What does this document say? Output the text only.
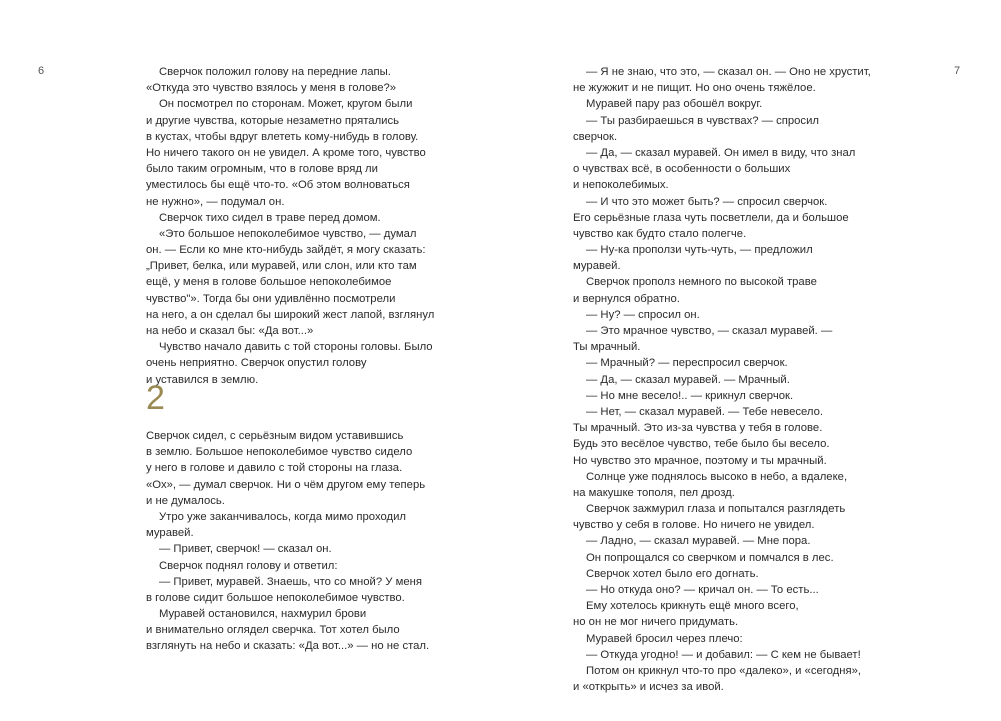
6	7
Сверчок положил голову на передние лапы.
«Откуда это чувство взялось у меня в голове?»
Он посмотрел по сторонам. Может, кругом были
и другие чувства, которые незаметно прятались
в кустах, чтобы вдруг влететь кому-нибудь в голову.
Но ничего такого он не увидел. А кроме того, чувство
было таким огромным, что в голове вряд ли
уместилось бы ещё что-то. «Об этом волноваться
не нужно», — подумал он.
Сверчок тихо сидел в траве перед домом.
«Это большое непоколебимое чувство, — думал
он. — Если ко мне кто-нибудь зайдёт, я могу сказать:
„Привет, белка, или муравей, или слон, или кто там
ещё, у меня в голове большое непоколебимое
чувство"». Тогда бы они удивлённо посмотрели
на него, а он сделал бы широкий жест лапой, взглянул
на небо и сказал бы: «Да вот...»
Чувство начало давить с той стороны головы. Было
очень неприятно. Сверчок опустил голову
и уставился в землю.
2
Сверчок сидел, с серьёзным видом уставившись
в землю. Большое непоколебимое чувство сидело
у него в голове и давило с той стороны на глаза.
«Ох», — думал сверчок. Ни о чём другом ему теперь
и не думалось.
Утро уже заканчивалось, когда мимо проходил
муравей.
— Привет, сверчок! — сказал он.
Сверчок поднял голову и ответил:
— Привет, муравей. Знаешь, что со мной? У меня
в голове сидит большое непоколебимое чувство.
Муравей остановился, нахмурил брови
и внимательно оглядел сверчка. Тот хотел было
взглянуть на небо и сказать: «Да вот...» — но не стал.
— Я не знаю, что это, — сказал он. — Оно не хрустит,
не жужжит и не пищит. Но оно очень тяжёлое.
Муравей пару раз обошёл вокруг.
— Ты разбираешься в чувствах? — спросил
сверчок.
— Да, — сказал муравей. Он имел в виду, что знал
о чувствах всё, в особенности о больших
и непоколебимых.
— И что это может быть? — спросил сверчок.
Его серьёзные глаза чуть посветлели, да и большое
чувство как будто стало полегче.
— Ну-ка проползи чуть-чуть, — предложил
муравей.
Сверчок прополз немного по высокой траве
и вернулся обратно.
— Ну? — спросил он.
— Это мрачное чувство, — сказал муравей. —
Ты мрачный.
— Мрачный? — переспросил сверчок.
— Да, — сказал муравей. — Мрачный.
— Но мне весело!.. — крикнул сверчок.
— Нет, — сказал муравей. — Тебе невесело.
Ты мрачный. Это из-за чувства у тебя в голове.
Будь это весёлое чувство, тебе было бы весело.
Но чувство это мрачное, поэтому и ты мрачный.
Солнце уже поднялось высоко в небо, а вдалеке,
на макушке тополя, пел дрозд.
Сверчок зажмурил глаза и попытался разглядеть
чувство у себя в голове. Но ничего не увидел.
— Ладно, — сказал муравей. — Мне пора.
Он попрощался со сверчком и помчался в лес.
Сверчок хотел было его догнать.
— Но откуда оно? — кричал он. — То есть...
Ему хотелось крикнуть ещё много всего,
но он не мог ничего придумать.
Муравей бросил через плечо:
— Откуда угодно! — и добавил: — С кем не бывает!
Потом он крикнул что-то про «далеко», и «сегодня»,
и «открыть» и исчез за ивой.
